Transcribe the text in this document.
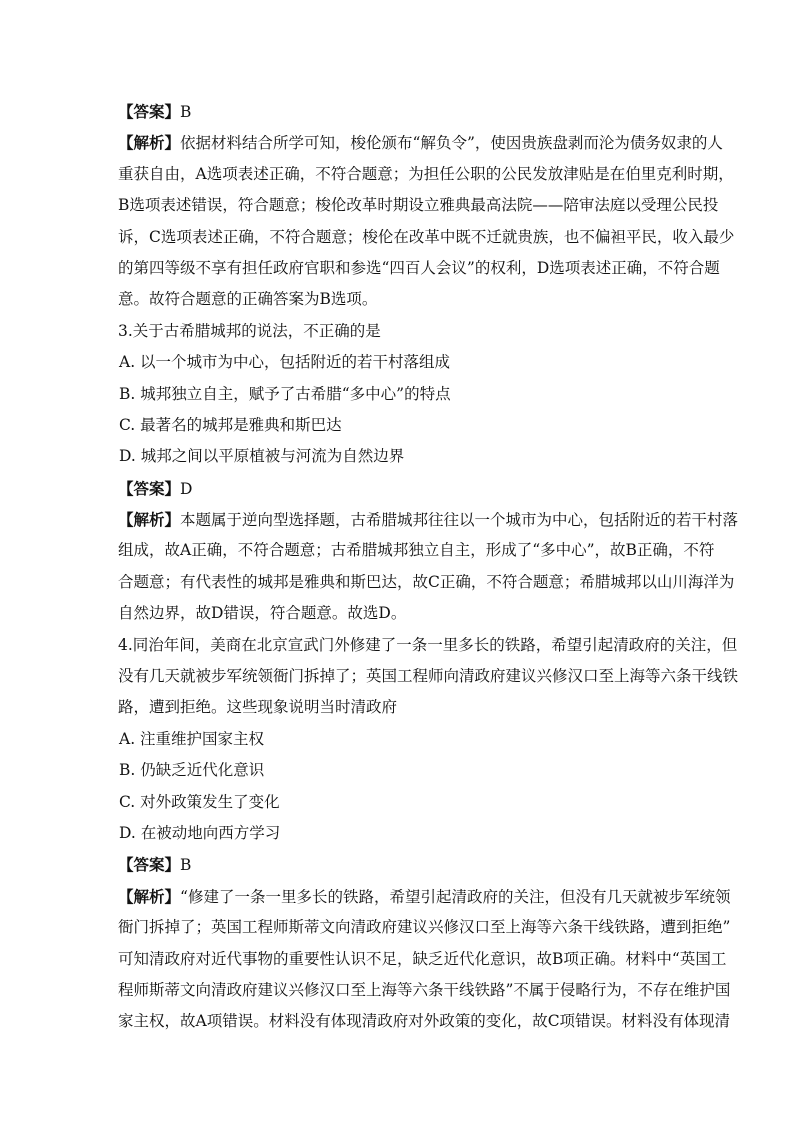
【答案】B
【解析】依据材料结合所学可知，梭伦颁布“解负令”，使因贵族盘剥而沦为债务奴隶的人
重获自由，A选项表述正确，不符合题意；为担任公职的公民发放津贴是在伯里克利时期，
B选项表述错误，符合题意；梭伦改革时期设立雅典最高法院——陪审法庭以受理公民投
诉，C选项表述正确，不符合题意；梭伦在改革中既不迁就贵族，也不偏袒平民，收入最少
的第四等级不享有担任政府官职和参选“四百人会议”的权利，D选项表述正确，不符合题
意。故符合题意的正确答案为B选项。
3.关于古希腊城邦的说法，不正确的是
A. 以一个城市为中心，包括附近的若干村落组成
B. 城邦独立自主，赋予了古希腊“多中心”的特点
C. 最著名的城邦是雅典和斯巴达
D. 城邦之间以平原植被与河流为自然边界
【答案】D
【解析】本题属于逆向型选择题，古希腊城邦往往以一个城市为中心，包括附近的若干村落
组成，故A正确，不符合题意；古希腊城邦独立自主，形成了“多中心”，故B正确，不符
合题意；有代表性的城邦是雅典和斯巴达，故C正确，不符合题意；希腊城邦以山川海洋为
自然边界，故D错误，符合题意。故选D。
4.同治年间，美商在北京宣武门外修建了一条一里多长的铁路，希望引起清政府的关注，但
没有几天就被步军统领衙门拆掉了；英国工程师向清政府建议兴修汉口至上海等六条干线铁
路，遭到拒绝。这些现象说明当时清政府
A. 注重维护国家主权
B. 仍缺乏近代化意识
C. 对外政策发生了变化
D. 在被动地向西方学习
【答案】B
【解析】“修建了一条一里多长的铁路，希望引起清政府的关注，但没有几天就被步军统领
衙门拆掉了；英国工程师斯蒂文向清政府建议兴修汉口至上海等六条干线铁路，遭到拒绝”
可知清政府对近代事物的重要性认识不足，缺乏近代化意识，故B项正确。材料中“英国工
程师斯蒂文向清政府建议兴修汉口至上海等六条干线铁路”不属于侵略行为，不存在维护国
家主权，故A项错误。材料没有体现清政府对外政策的变化，故C项错误。材料没有体现清
